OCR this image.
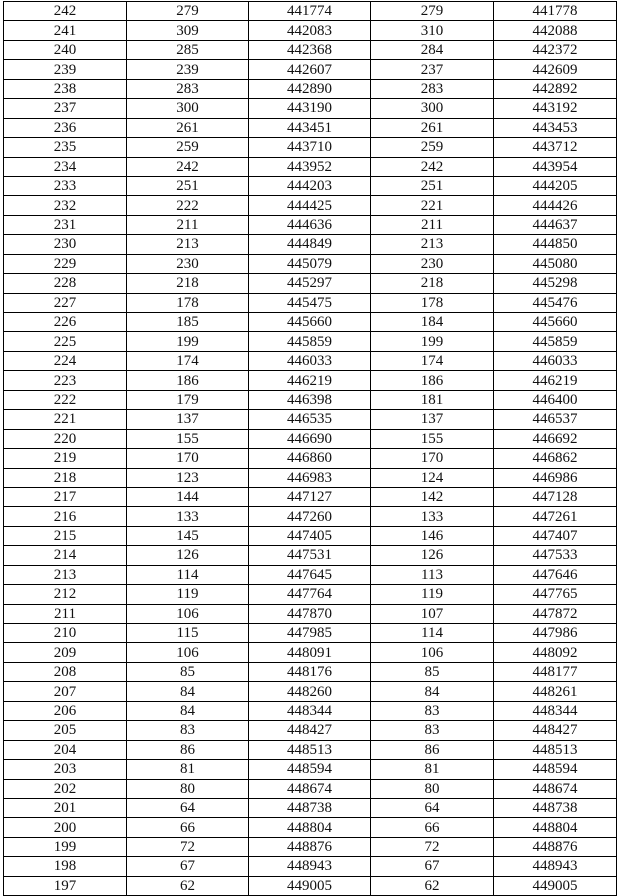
242	279	441774	279	441778
241	309	442083	310	442088
240	285	442368	284	442372
239	239	442607	237	442609
238	283	442890	283	442892
237	300	443190	300	443192
236	261	443451	261	443453
235	259	443710	259	443712
234	242	443952	242	443954
233	251	444203	251	444205
232	222	444425	221	444426
231	211	444636	211	444637
230	213	444849	213	444850
229	230	445079	230	445080
228	218	445297	218	445298
227	178	445475	178	445476
226	185	445660	184	445660
225	199	445859	199	445859
224	174	446033	174	446033
223	186	446219	186	446219
222	179	446398	181	446400
221	137	446535	137	446537
220	155	446690	155	446692
219	170	446860	170	446862
218	123	446983	124	446986
217	144	447127	142	447128
216	133	447260	133	447261
215	145	447405	146	447407
214	126	447531	126	447533
213	114	447645	113	447646
212	119	447764	119	447765
211	106	447870	107	447872
210	115	447985	114	447986
209	106	448091	106	448092
208	85	448176	85	448177
207	84	448260	84	448261
206	84	448344	83	448344
205	83	448427	83	448427
204	86	448513	86	448513
203	81	448594	81	448594
202	80	448674	80	448674
201	64	448738	64	448738
200	66	448804	66	448804
199	72	448876	72	448876
198	67	448943	67	448943
197	62	449005	62	449005
